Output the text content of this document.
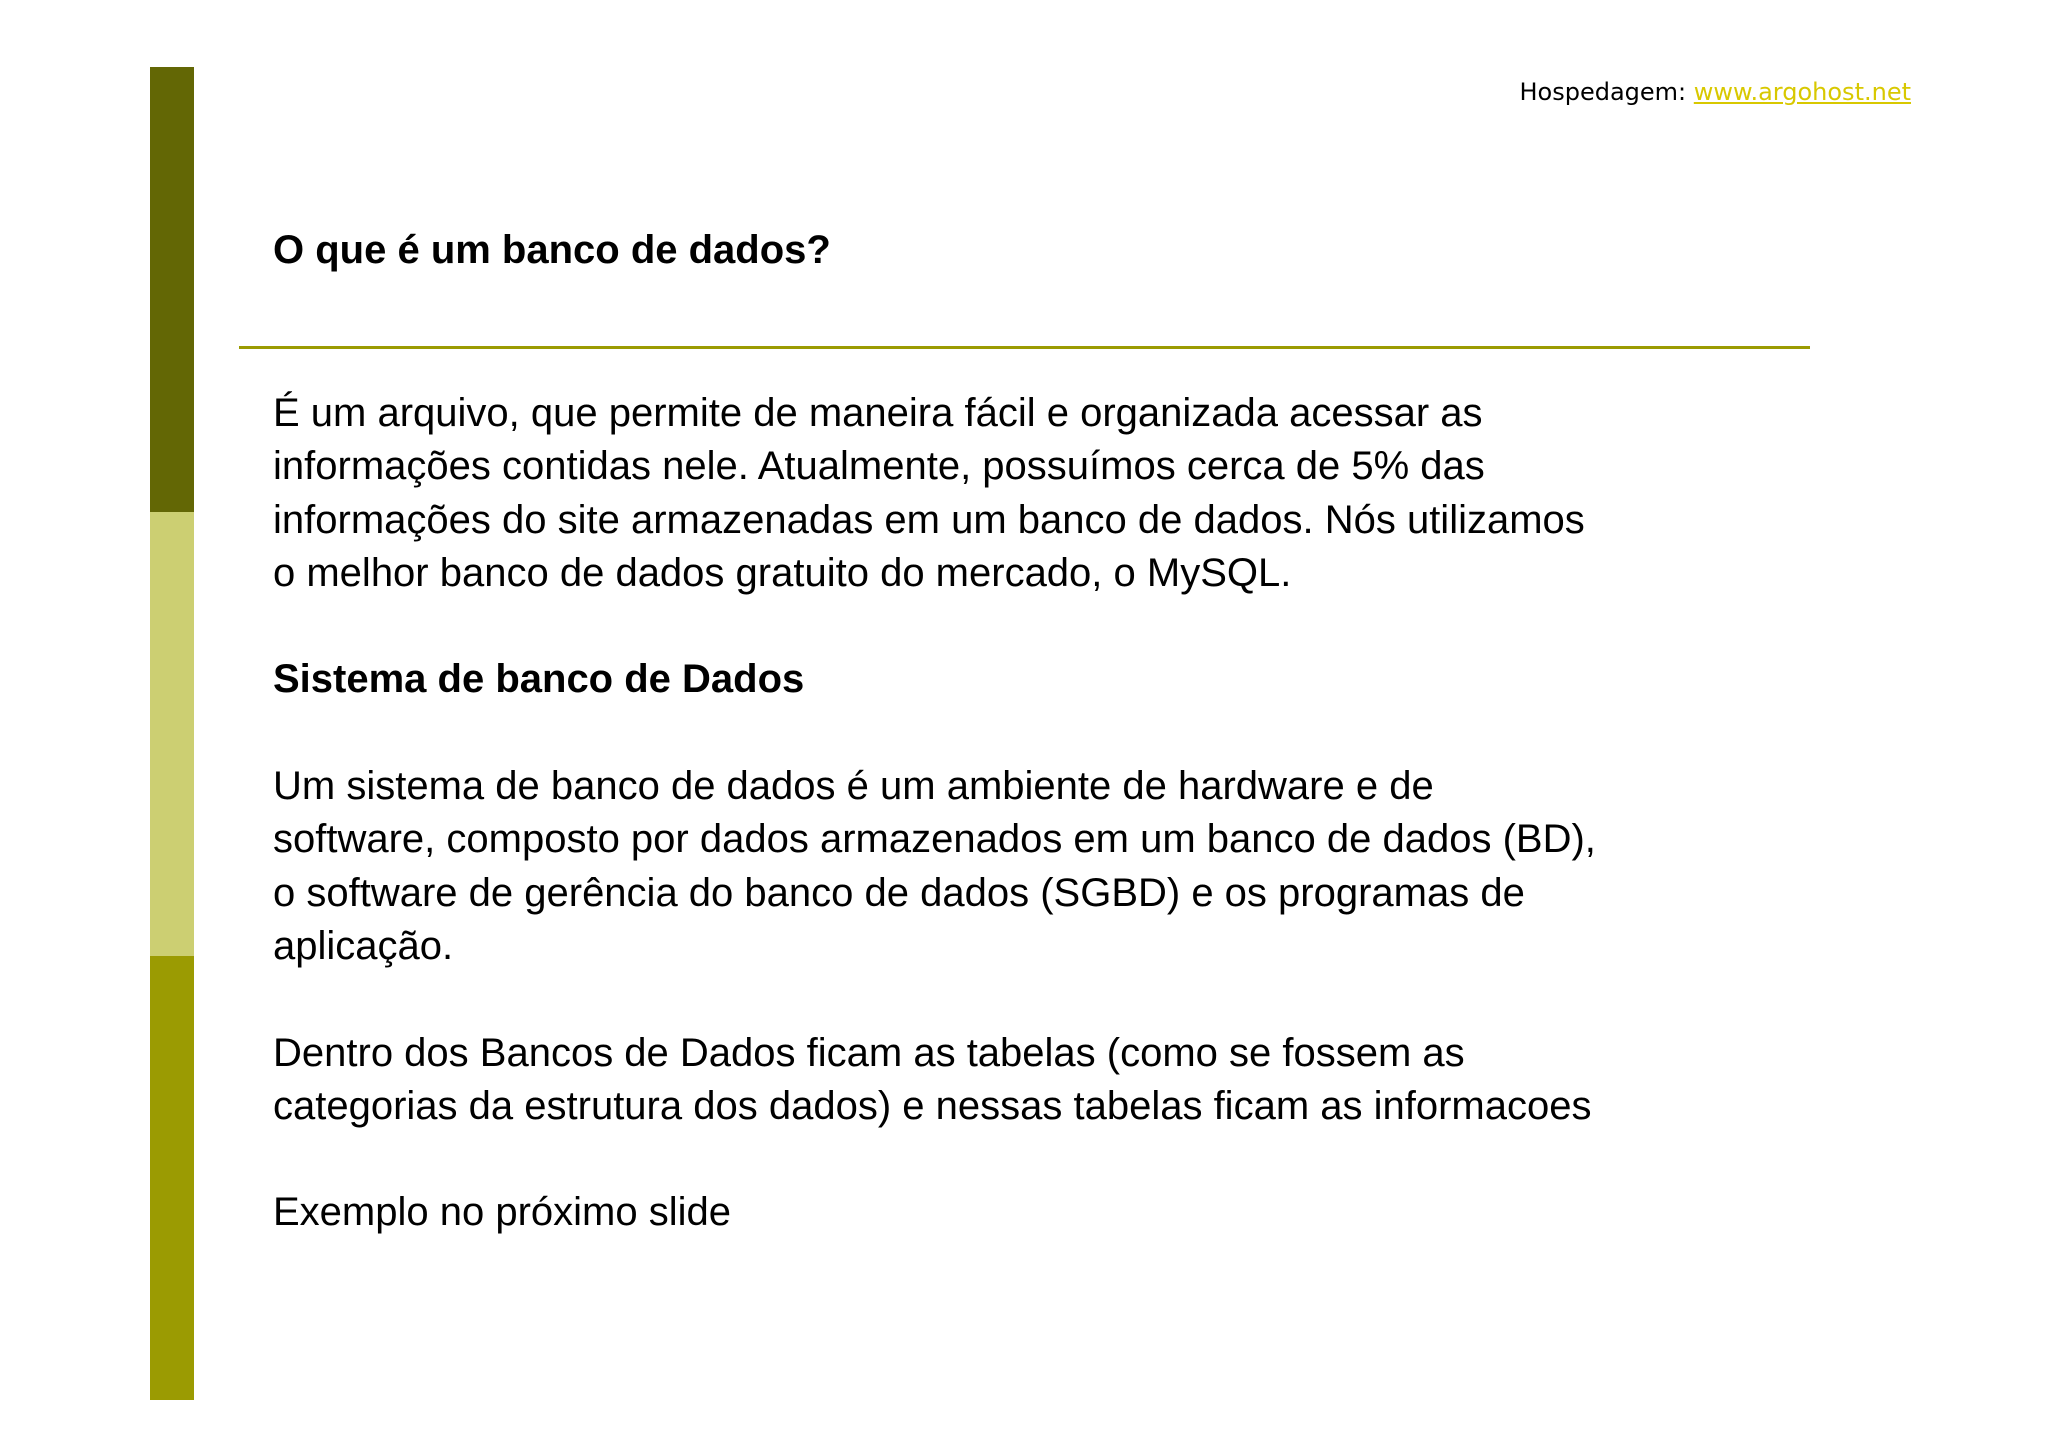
Hospedagem: www.argohost.net
O que é um banco de dados?

É um arquivo, que permite de maneira fácil e organizada acessar as
informações contidas nele. Atualmente, possuímos cerca de 5% das
informações do site armazenadas em um banco de dados. Nós utilizamos
o melhor banco de dados gratuito do mercado, o MySQL.

Sistema de banco de Dados

Um sistema de banco de dados é um ambiente de hardware e de
software, composto por dados armazenados em um banco de dados (BD),
o software de gerência do banco de dados (SGBD) e os programas de
aplicação.

Dentro dos Bancos de Dados ficam as tabelas (como se fossem as
categorias da estrutura dos dados) e nessas tabelas ficam as informacoes

Exemplo no próximo slide
